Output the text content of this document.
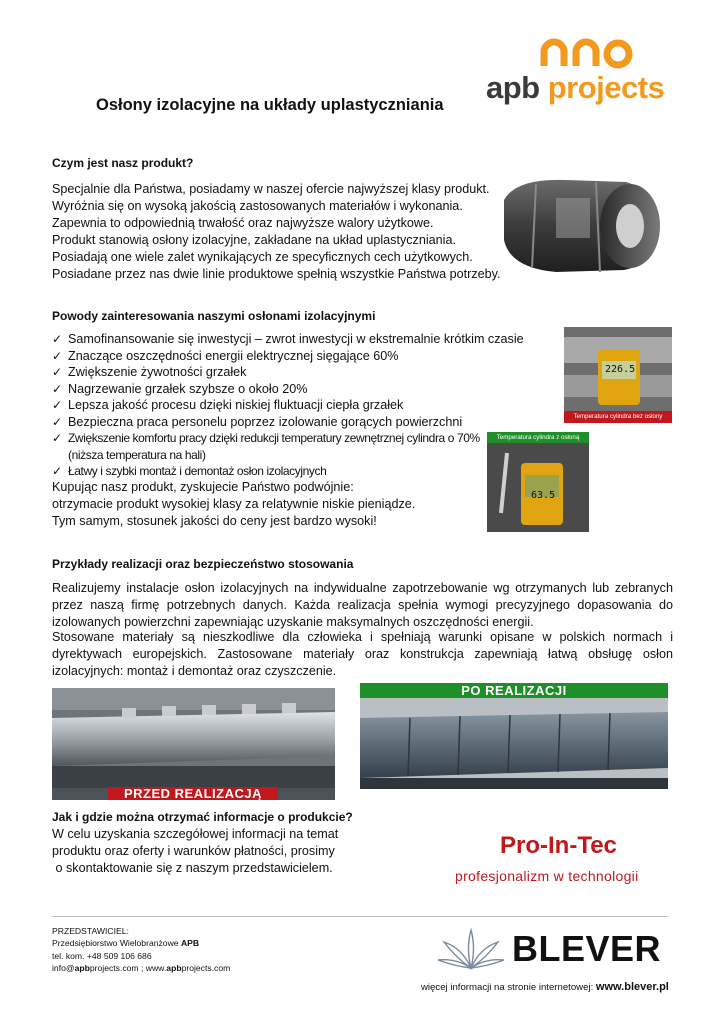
apb projects
Osłony izolacyjne na układy uplastyczniania
Czym jest nasz produkt?
Specjalnie dla Państwa, posiadamy w naszej ofercie najwyższej klasy produkt.
Wyróżnia się on wysoką jakością zastosowanych materiałów i wykonania.
Zapewnia to odpowiednią trwałość oraz najwyższe walory użytkowe.
Produkt stanowią osłony izolacyjne, zakładane na układ uplastyczniania.
Posiadają one wiele zalet wynikających ze specyficznych cech użytkowych.
Posiadane przez nas dwie linie produktowe spełnią wszystkie Państwa potrzeby.
Powody zainteresowania naszymi osłonami izolacyjnymi
✓ Samofinansowanie się inwestycji – zwrot inwestycji w ekstremalnie krótkim czasie
✓ Znaczące oszczędności energii elektrycznej sięgające 60%
✓ Zwiększenie żywotności grzałek
✓ Nagrzewanie grzałek szybsze o około 20%
✓ Lepsza jakość procesu dzięki niskiej fluktuacji ciepła grzałek
✓ Bezpieczna praca personelu poprzez izolowanie gorących powierzchni
✓ Zwiększenie komfortu pracy dzięki redukcji temperatury zewnętrznej cylindra o 70%
(niższa temperatura na hali)
✓ Łatwy i szybki montaż i demontaż osłon izolacyjnych
Kupując nasz produkt, zyskujecie Państwo podwójnie:
otrzymacie produkt wysokiej klasy za relatywnie niskie pieniądze.
Tym samym, stosunek jakości do ceny jest bardzo wysoki!
226.5
Temperatura cylindra bez osłony
Temperatura cylindra z osłoną
63.5
Przykłady realizacji oraz bezpieczeństwo stosowania
Realizujemy instalacje osłon izolacyjnych na indywidualne zapotrzebowanie wg otrzymanych lub zebranych przez naszą firmę potrzebnych danych. Każda realizacja spełnia wymogi precyzyjnego dopasowania do izolowanych powierzchni zapewniając uzyskanie maksymalnych oszczędności energii.
Stosowane materiały są nieszkodliwe dla człowieka i spełniają warunki opisane w polskich normach i dyrektywach europejskich. Zastosowane materiały oraz konstrukcja zapewniają łatwą obsługę osłon izolacyjnych: montaż i demontaż oraz czyszczenie.
PRZED REALIZACJĄ
PO REALIZACJI
Jak i gdzie można otrzymać informacje o produkcie?
W celu uzyskania szczegółowej informacji na temat
produktu oraz oferty i warunków płatności, prosimy
o skontaktowanie się z naszym przedstawicielem.
Pro-In-Tec
profesjonalizm w technologii
PRZEDSTAWICIEL:
Przedsiębiorstwo Wielobranżowe APB
tel. kom. +48 509 106 686
info@apbprojects.com ; www.apbprojects.com	BLEVER
więcej informacji na stronie internetowej: www.blever.pl
